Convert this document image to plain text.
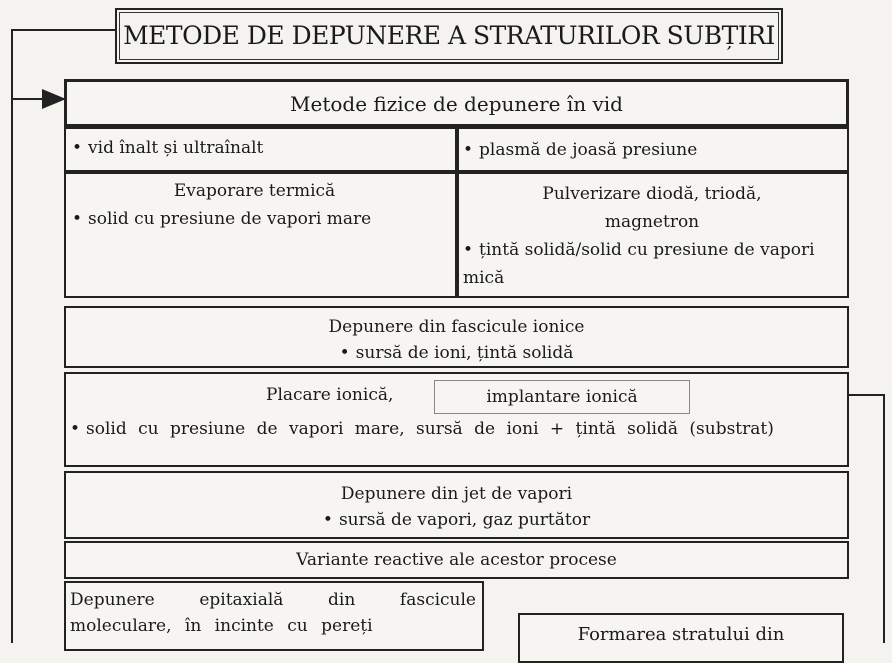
METODE DE DEPUNERE A STRATURILOR SUBȚIRI
Metode fizice de depunere în vid
• vid înalt și ultraînalt
•	plasmă de joasă presiune
Evaporare termică
• solid cu presiune de vapori mare
Pulverizare diodă, triodă, magnetron
• țintă solidă/solid cu presiune de vapori mică
Depunere din fascicule ionice
• sursă de ioni, țintă solidă
Placare ionică,	implantare ionică
• solid cu presiune de vapori mare, sursă de ioni + țintă solidă (substrat)
Depunere din jet de vapori
• sursă de vapori, gaz purtător
Variante reactive ale acestor procese
Depunere epitaxială din fascicule moleculare, în incinte cu pereți	Formarea stratului din
